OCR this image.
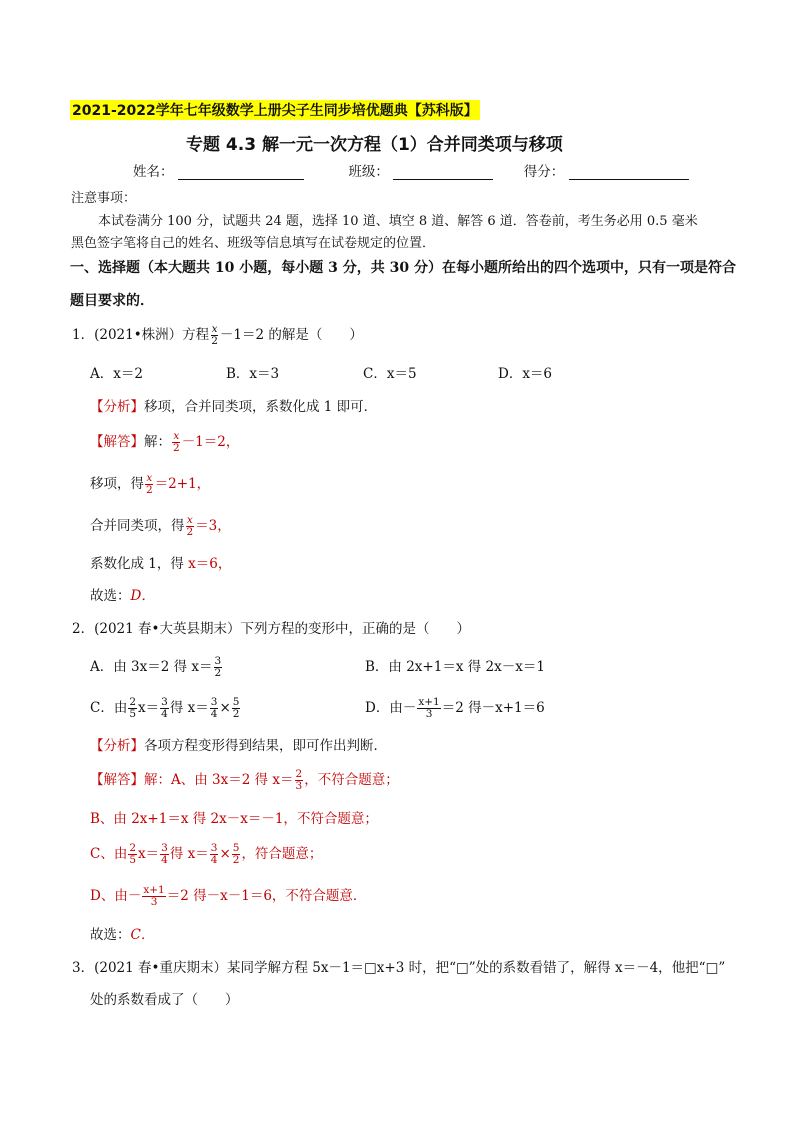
2021-2022学年七年级数学上册尖子生同步培优题典【苏科版】
专题 4.3 解一元一次方程（1）合并同类项与移项
姓名：	班级：	得分：
注意事项：
本试卷满分 100 分，试题共 24 题，选择 10 道、填空 8 道、解答 6 道．答卷前，考生务必用 0.5 毫米
黑色签字笔将自己的姓名、班级等信息填写在试卷规定的位置．
一、选择题（本大题共 10 小题，每小题 3 分，共 30 分）在每小题所给出的四个选项中，只有一项是符合
题目要求的．
1．(2021•株洲）方程 $\frac{x}{2} -1=2$ 的解是（　　）
A．x＝2	B．x＝3	C．x＝5	D．x＝6
【分析】移项，合并同类项，系数化成 1 即可．
【解答】解： $\frac{x}{2} -1=2$，
移项，得 $\frac{x}{2} =2+1$，
合并同类项，得 $\frac{x}{2} =3$，
系数化成 1，得 x＝6，
故选：D．
2．(2021 春•大英县期末）下列方程的变形中，正确的是（　　）
A．由 3x＝2 得 $x= \frac{3}{2}$	B．由 2x+1＝x 得 2x－x＝1
C．由 $\frac{2}{5} x= \frac{3}{4}$ 得 $x= \frac{3}{4} \times \frac{5}{2}$	D．由－ $\frac{x+1}{3} =2$ 得－x+1＝6
【分析】各项方程变形得到结果，即可作出判断．
【解答】解：A、由 3x＝2 得 $x= \frac{2}{3}$ ，不符合题意；
B、由 2x+1＝x 得 2x－x＝－1，不符合题意；
C、由 $\frac{2}{5} x= \frac{3}{4}$ 得 $x= \frac{3}{4} \times \frac{5}{2}$ ，符合题意；
D、由－ $\frac{x+1}{3} =2$ 得－x－1＝6，不符合题意．
故选：C．
3．(2021 春•重庆期末）某同学解方程 5x－1＝□x+3 时，把“□”处的系数看错了，解得 x＝－4，他把“□”
处的系数看成了（　　）
